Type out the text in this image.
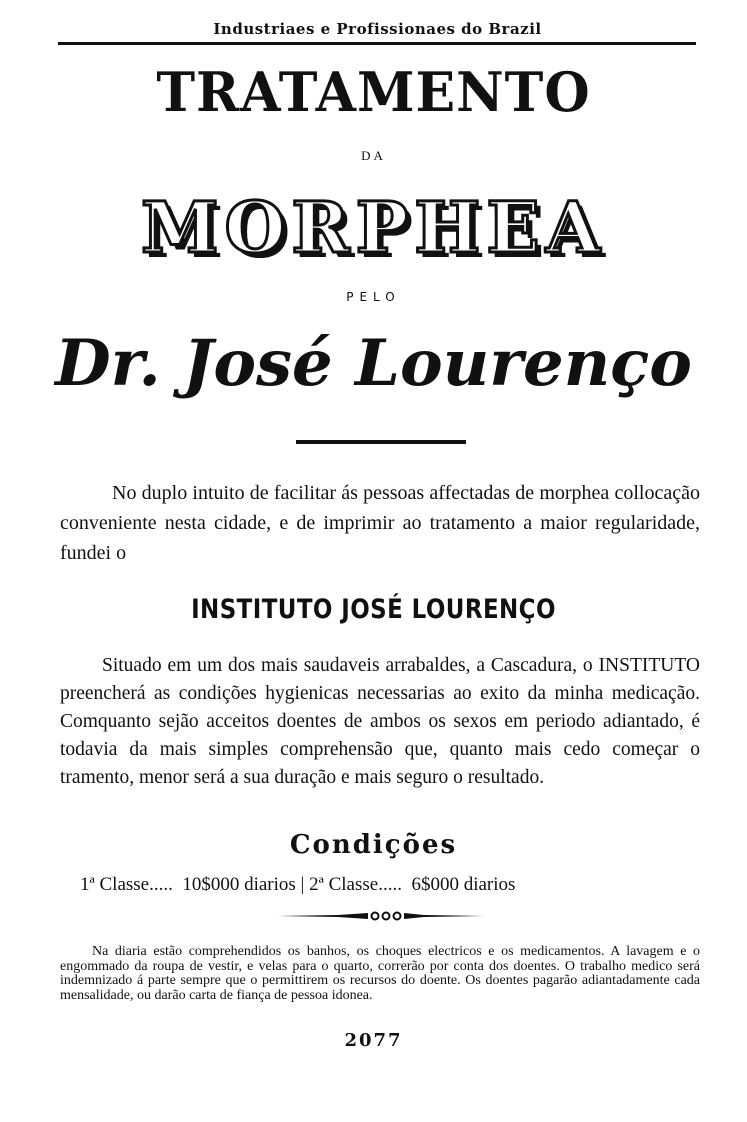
Industriaes e Profissionaes do Brazil
TRATAMENTO
DA
MORPHEA
PELO
Dr. José Lourenço
No duplo intuito de facilitar ás pessoas affectadas de morphea collocação conveniente nesta cidade, e de imprimir ao tratamento a maior regularidade, fundei o
INSTITUTO JOSÉ LOURENÇO
Situado em um dos mais saudaveis arrabaldes, a Cascadura, o INSTITUTO preencherá as condições hygienicas necessarias ao exito da minha medicação. Comquanto sejão acceitos doentes de ambos os sexos em periodo adiantado, é todavia da mais simples comprehensão que, quanto mais cedo começar o tramento, menor será a sua duração e mais seguro o resultado.
Condições
1ª Classe.....  10$000 diarios | 2ª Classe.....  6$000 diarios
Na diaria estão comprehendidos os banhos, os choques electricos e os medicamentos. A lavagem e o engommado da roupa de vestir, e velas para o quarto, correrão por conta dos doentes. O trabalho medico será indemnizado á parte sempre que o permittirem os recursos do doente. Os doentes pagarão adiantadamente cada mensalidade, ou darão carta de fiança de pessoa idonea.
2077
